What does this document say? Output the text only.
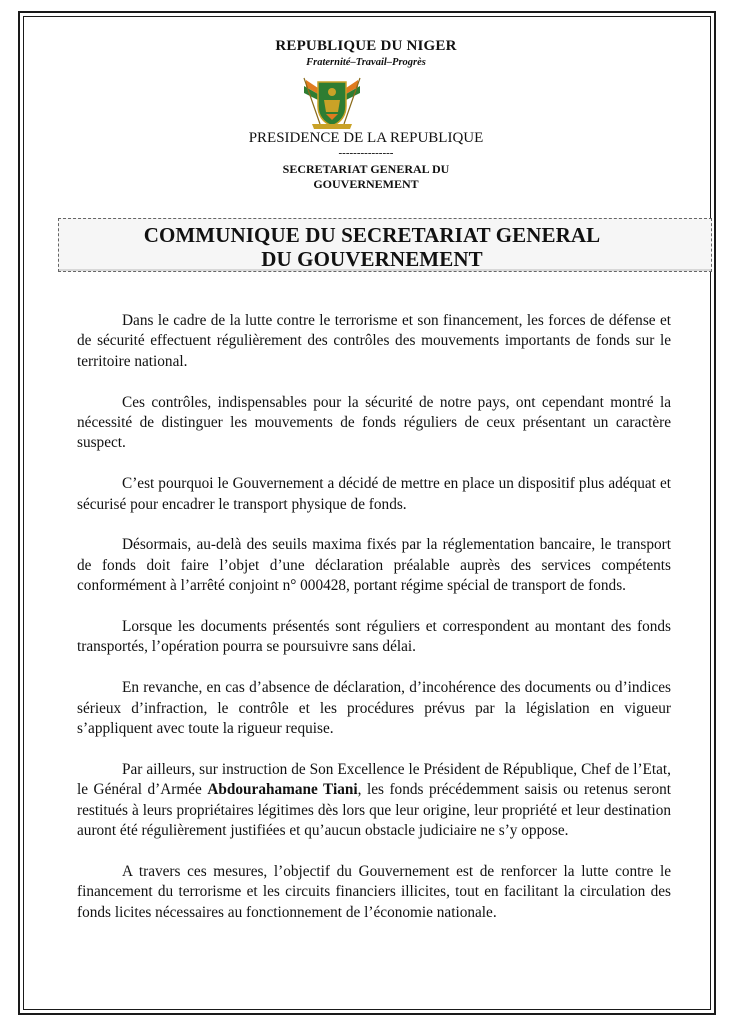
REPUBLIQUE DU NIGER
Fraternité–Travail–Progrès
PRESIDENCE DE LA REPUBLIQUE
---------------
SECRETARIAT GENERAL DU
GOUVERNEMENT
COMMUNIQUE DU SECRETARIAT GENERAL
DU GOUVERNEMENT

Dans le cadre de la lutte contre le terrorisme et son financement, les forces de défense et de sécurité effectuent régulièrement des contrôles des mouvements importants de fonds sur le territoire national.

Ces contrôles, indispensables pour la sécurité de notre pays, ont cependant montré la nécessité de distinguer les mouvements de fonds réguliers de ceux présentant un caractère suspect.

C’est pourquoi le Gouvernement a décidé de mettre en place un dispositif plus adéquat et sécurisé pour encadrer le transport physique de fonds.

Désormais, au-delà des seuils maxima fixés par la réglementation bancaire, le transport de fonds doit faire l’objet d’une déclaration préalable auprès des services compétents conformément à l’arrêté conjoint n° 000428, portant régime spécial de transport de fonds.

Lorsque les documents présentés sont réguliers et correspondent au montant des fonds transportés, l’opération pourra se poursuivre sans délai.

En revanche, en cas d’absence de déclaration, d’incohérence des documents ou d’indices sérieux d’infraction, le contrôle et les procédures prévus par la législation en vigueur s’appliquent avec toute la rigueur requise.

Par ailleurs, sur instruction de Son Excellence le Président de République, Chef de l’Etat, le Général d’Armée Abdourahamane Tiani, les fonds précédemment saisis ou retenus seront restitués à leurs propriétaires légitimes dès lors que leur origine, leur propriété et leur destination auront été régulièrement justifiées et qu’aucun obstacle judiciaire ne s’y oppose.

A travers ces mesures, l’objectif du Gouvernement est de renforcer la lutte contre le financement du terrorisme et les circuits financiers illicites, tout en facilitant la circulation des fonds licites nécessaires au fonctionnement de l’économie nationale.
